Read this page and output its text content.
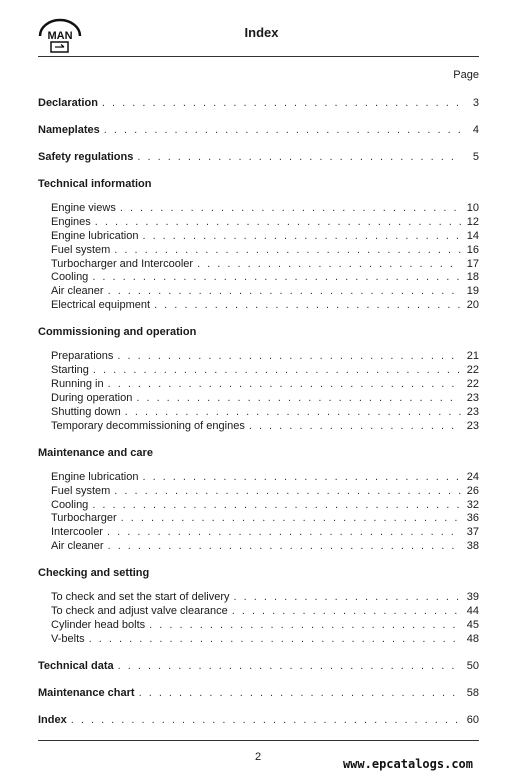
MAN	Index
Page
Declaration . . .	3
Nameplates . . .	4
Safety regulations . . .	5
Technical information
Engine views . . .	10
Engines . . .	12
Engine lubrication . . .	14
Fuel system . . .	16
Turbocharger and Intercooler . . .	17
Cooling . . .	18
Air cleaner . . .	19
Electrical equipment . . .	20
Commissioning and operation
Preparations . . .	21
Starting . . .	22
Running in . . .	22
During operation . . .	23
Shutting down . . .	23
Temporary decommissioning of engines . . .	23
Maintenance and care
Engine lubrication . . .	24
Fuel system . . .	26
Cooling . . .	32
Turbocharger . . .	36
Intercooler . . .	37
Air cleaner . . .	38
Checking and setting
To check and set the start of delivery . . .	39
To check and adjust valve clearance . . .	44
Cylinder head bolts . . .	45
V-belts . . .	48
Technical data . . .	50
Maintenance chart . . .	58
Index . . .	60
2	www.epcatalogs.com
